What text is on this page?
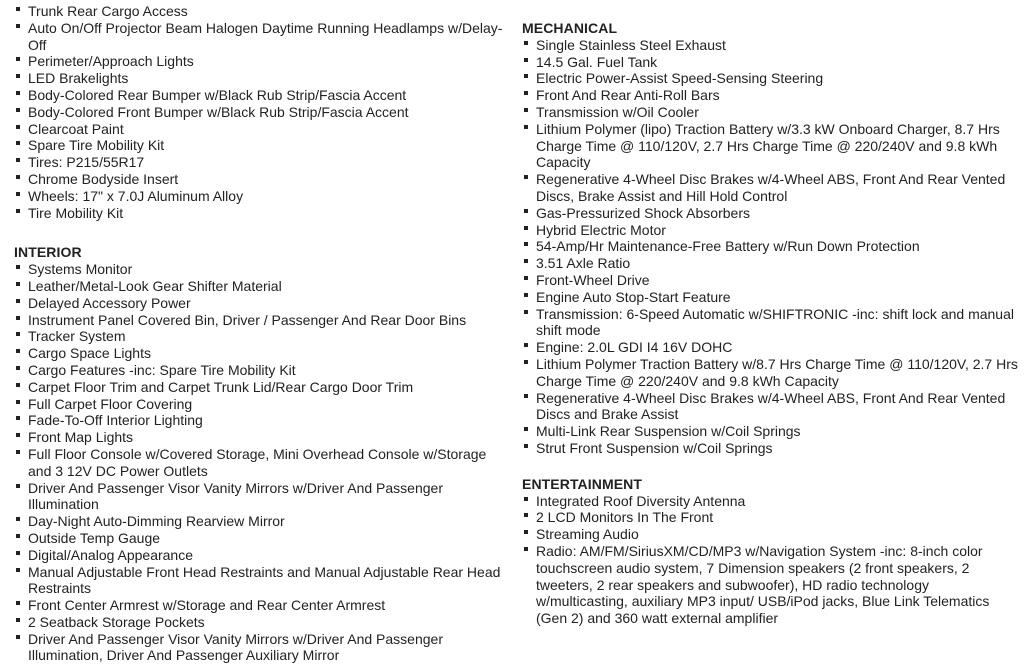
Trunk Rear Cargo Access
Auto On/Off Projector Beam Halogen Daytime Running Headlamps w/Delay-Off
Perimeter/Approach Lights
LED Brakelights
Body-Colored Rear Bumper w/Black Rub Strip/Fascia Accent
Body-Colored Front Bumper w/Black Rub Strip/Fascia Accent
Clearcoat Paint
Spare Tire Mobility Kit
Tires: P215/55R17
Chrome Bodyside Insert
Wheels: 17" x 7.0J Aluminum Alloy
Tire Mobility Kit
INTERIOR
Systems Monitor
Leather/Metal-Look Gear Shifter Material
Delayed Accessory Power
Instrument Panel Covered Bin, Driver / Passenger And Rear Door Bins
Tracker System
Cargo Space Lights
Cargo Features -inc: Spare Tire Mobility Kit
Carpet Floor Trim and Carpet Trunk Lid/Rear Cargo Door Trim
Full Carpet Floor Covering
Fade-To-Off Interior Lighting
Front Map Lights
Full Floor Console w/Covered Storage, Mini Overhead Console w/Storage and 3 12V DC Power Outlets
Driver And Passenger Visor Vanity Mirrors w/Driver And Passenger Illumination
Day-Night Auto-Dimming Rearview Mirror
Outside Temp Gauge
Digital/Analog Appearance
Manual Adjustable Front Head Restraints and Manual Adjustable Rear Head Restraints
Front Center Armrest w/Storage and Rear Center Armrest
2 Seatback Storage Pockets
Driver And Passenger Visor Vanity Mirrors w/Driver And Passenger Illumination, Driver And Passenger Auxiliary Mirror
MECHANICAL
Single Stainless Steel Exhaust
14.5 Gal. Fuel Tank
Electric Power-Assist Speed-Sensing Steering
Front And Rear Anti-Roll Bars
Transmission w/Oil Cooler
Lithium Polymer (lipo) Traction Battery w/3.3 kW Onboard Charger, 8.7 Hrs Charge Time @ 110/120V, 2.7 Hrs Charge Time @ 220/240V and 9.8 kWh Capacity
Regenerative 4-Wheel Disc Brakes w/4-Wheel ABS, Front And Rear Vented Discs, Brake Assist and Hill Hold Control
Gas-Pressurized Shock Absorbers
Hybrid Electric Motor
54-Amp/Hr Maintenance-Free Battery w/Run Down Protection
3.51 Axle Ratio
Front-Wheel Drive
Engine Auto Stop-Start Feature
Transmission: 6-Speed Automatic w/SHIFTRONIC -inc: shift lock and manual shift mode
Engine: 2.0L GDI I4 16V DOHC
Lithium Polymer Traction Battery w/8.7 Hrs Charge Time @ 110/120V, 2.7 Hrs Charge Time @ 220/240V and 9.8 kWh Capacity
Regenerative 4-Wheel Disc Brakes w/4-Wheel ABS, Front And Rear Vented Discs and Brake Assist
Multi-Link Rear Suspension w/Coil Springs
Strut Front Suspension w/Coil Springs
ENTERTAINMENT
Integrated Roof Diversity Antenna
2 LCD Monitors In The Front
Streaming Audio
Radio: AM/FM/SiriusXM/CD/MP3 w/Navigation System -inc: 8-inch color touchscreen audio system, 7 Dimension speakers (2 front speakers, 2 tweeters, 2 rear speakers and subwoofer), HD radio technology w/multicasting, auxiliary MP3 input/ USB/iPod jacks, Blue Link Telematics (Gen 2) and 360 watt external amplifier
